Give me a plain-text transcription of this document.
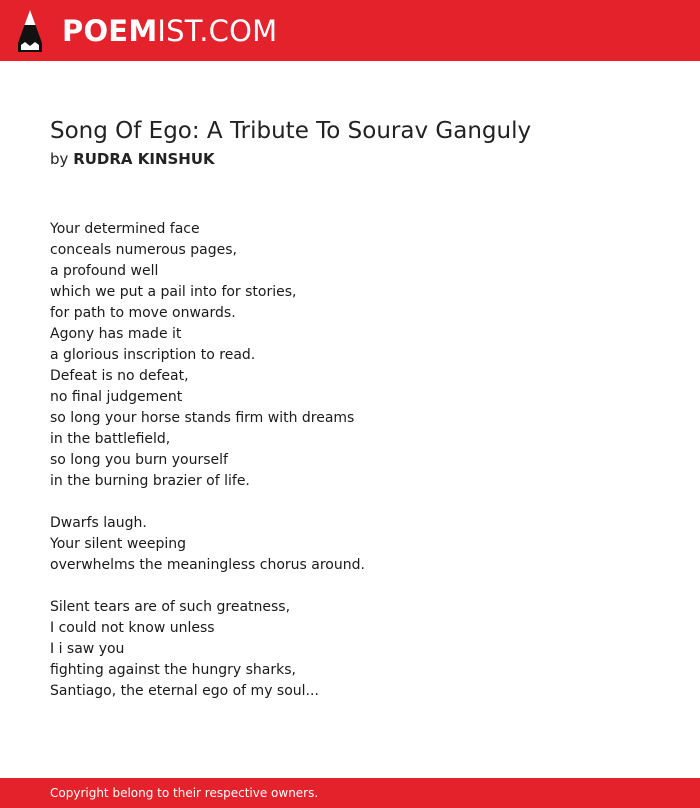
POEMIST.COM
Song Of Ego: A Tribute To Sourav Ganguly
by RUDRA KINSHUK
Your determined face
conceals numerous pages,
a profound well
which we put a pail into for stories,
for path to move onwards.
Agony has made it
a glorious inscription to read.
Defeat is no defeat,
no final judgement
so long your horse stands firm with dreams
in the battlefield,
so long you burn yourself
in the burning brazier of life.
Dwarfs laugh.
Your silent weeping
overwhelms the meaningless chorus around.
Silent tears are of such greatness,
I could not know unless
I i saw you
fighting against the hungry sharks,
Santiago, the eternal ego of my soul...
Copyright belong to their respective owners.
